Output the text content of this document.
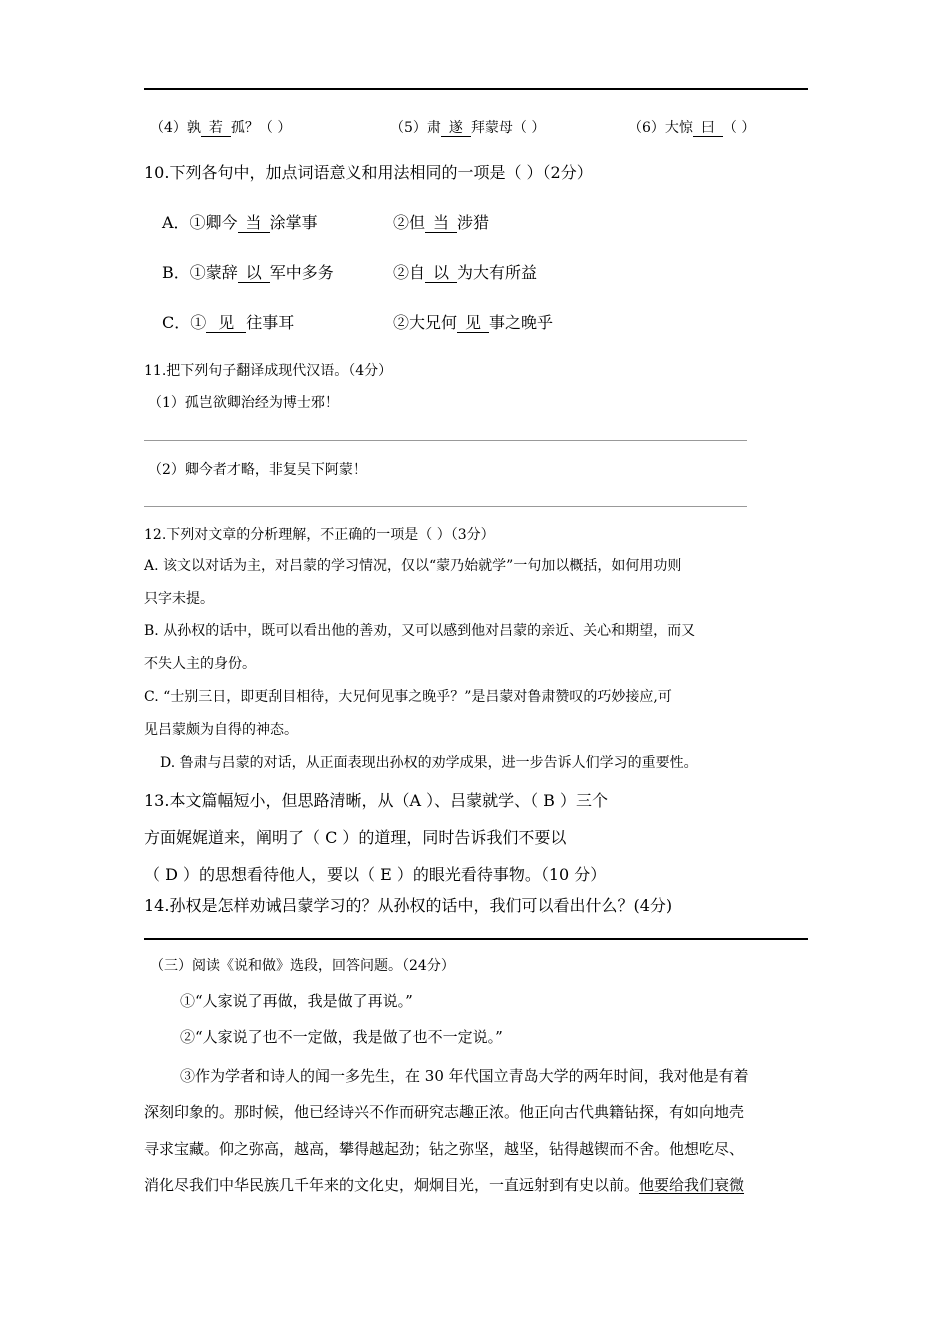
（4）孰 若 孤？（ ）	（5）肃 遂 拜蒙母（ ）	（6）大惊 曰 （ ）
10.下列各句中，加点词语意义和用法相同的一项是（ ）（2分）
A．①卿今 当 涂掌事	②但 当 涉猎
B．①蒙辞 以 军中多务	②自 以 为大有所益
C．① 见 往事耳	②大兄何 见 事之晚乎
11.把下列句子翻译成现代汉语。（4分）
（1）孤岂欲卿治经为博士邪！
（2）卿今者才略，非复吴下阿蒙！
12.下列对文章的分析理解，不正确的一项是（ ）（3分）
A. 该文以对话为主，对吕蒙的学习情况，仅以“蒙乃始就学”一句加以概括，如何用功则
只字未提。
B. 从孙权的话中，既可以看出他的善劝，又可以感到他对吕蒙的亲近、关心和期望，而又
不失人主的身份。
C. “士别三日，即更刮目相待，大兄何见事之晚乎？”是吕蒙对鲁肃赞叹的巧妙接应,可
见吕蒙颇为自得的神态。
D. 鲁肃与吕蒙的对话，从正面表现出孙权的劝学成果，进一步告诉人们学习的重要性。
13.本文篇幅短小，但思路清晰，从（A ）、吕蒙就学、（ B ）三个
方面娓娓道来，阐明了（ C ）的道理，同时告诉我们不要以
（ D ）的思想看待他人，要以（ E ）的眼光看待事物。（10 分）
14.孙权是怎样劝诫吕蒙学习的？从孙权的话中，我们可以看出什么？(4分)
（三）阅读《说和做》选段，回答问题。（24分）
①“人家说了再做，我是做了再说。”
②“人家说了也不一定做，我是做了也不一定说。”
③作为学者和诗人的闻一多先生，在 30 年代国立青岛大学的两年时间，我对他是有着
深刻印象的。那时候，他已经诗兴不作而研究志趣正浓。他正向古代典籍钻探，有如向地壳
寻求宝藏。仰之弥高，越高，攀得越起劲；钻之弥坚，越坚，钻得越锲而不舍。他想吃尽、
消化尽我们中华民族几千年来的文化史，炯炯目光，一直远射到有史以前。他要给我们衰微
